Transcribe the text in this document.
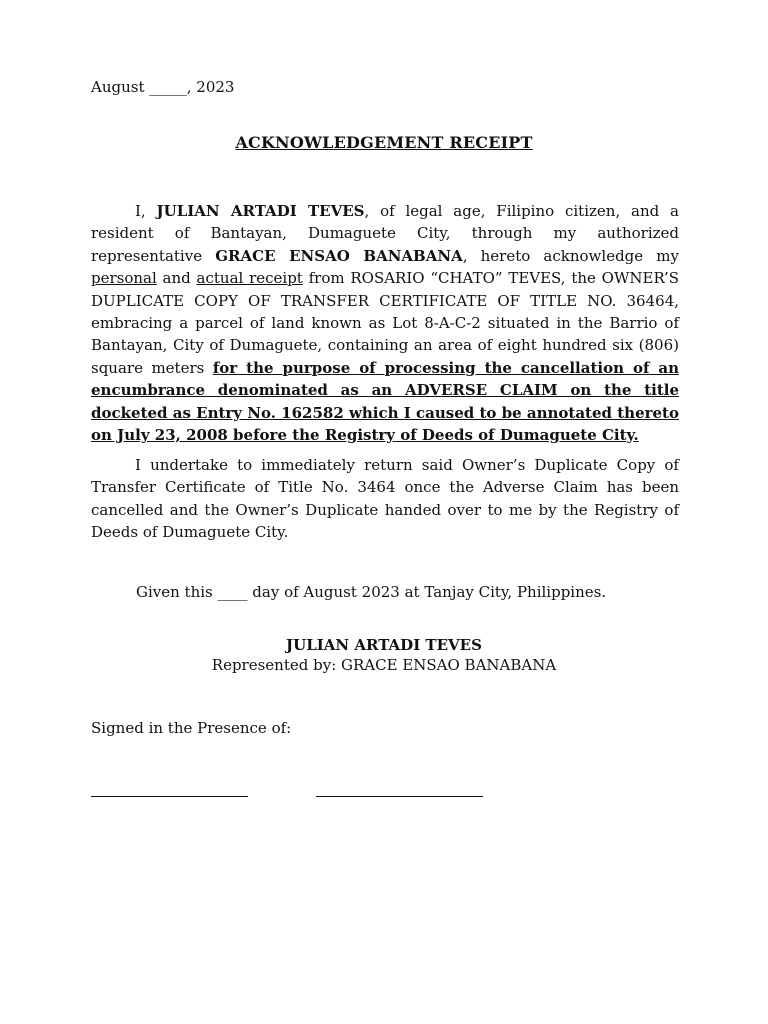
August _____, 2023
ACKNOWLEDGEMENT RECEIPT
I, JULIAN ARTADI TEVES, of legal age, Filipino citizen, and a resident of Bantayan, Dumaguete City, through my authorized representative GRACE ENSAO BANABANA, hereto acknowledge my personal and actual receipt from ROSARIO “CHATO” TEVES, the OWNER’S DUPLICATE COPY OF TRANSFER CERTIFICATE OF TITLE NO. 36464, embracing a parcel of land known as Lot 8-A-C-2 situated in the Barrio of Bantayan, City of Dumaguete, containing an area of eight hundred six (806) square meters for the purpose of processing the cancellation of an encumbrance denominated as an ADVERSE CLAIM on the title docketed as Entry No. 162582 which I caused to be annotated thereto on July 23, 2008 before the Registry of Deeds of Dumaguete City.
I undertake to immediately return said Owner’s Duplicate Copy of Transfer Certificate of Title No. 3464 once the Adverse Claim has been cancelled and the Owner’s Duplicate handed over to me by the Registry of Deeds of Dumaguete City.
Given this ____ day of August 2023 at Tanjay City, Philippines.
JULIAN ARTADI TEVES
Represented by: GRACE ENSAO BANABANA
Signed in the Presence of:
